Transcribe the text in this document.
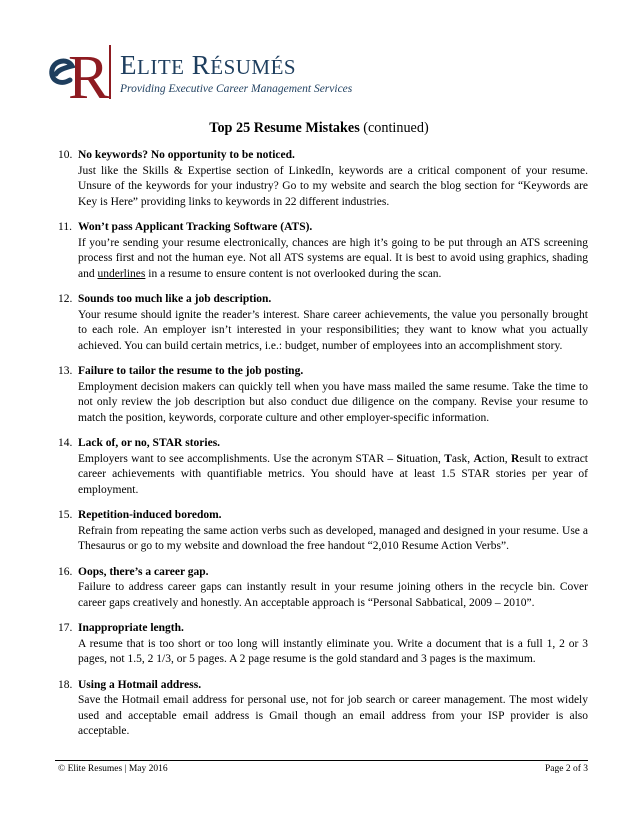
R ELITE RÉSUMÉS
Providing Executive Career Management Services
Top 25 Resume Mistakes (continued)
10. No keywords? No opportunity to be noticed.
Just like the Skills & Expertise section of LinkedIn, keywords are a critical component of your resume. Unsure of the keywords for your industry? Go to my website and search the blog section for “Keywords are Key is Here” providing links to keywords in 22 different industries.
11. Won’t pass Applicant Tracking Software (ATS).
If you’re sending your resume electronically, chances are high it’s going to be put through an ATS screening process first and not the human eye. Not all ATS systems are equal. It is best to avoid using graphics, shading and underlines in a resume to ensure content is not overlooked during the scan.
12. Sounds too much like a job description.
Your resume should ignite the reader’s interest. Share career achievements, the value you personally brought to each role. An employer isn’t interested in your responsibilities; they want to know what you actually achieved. You can build certain metrics, i.e.: budget, number of employees into an accomplishment story.
13. Failure to tailor the resume to the job posting.
Employment decision makers can quickly tell when you have mass mailed the same resume. Take the time to not only review the job description but also conduct due diligence on the company. Revise your resume to match the position, keywords, corporate culture and other employer-specific information.
14. Lack of, or no, STAR stories.
Employers want to see accomplishments. Use the acronym STAR – Situation, Task, Action, Result to extract career achievements with quantifiable metrics. You should have at least 1.5 STAR stories per year of employment.
15. Repetition-induced boredom.
Refrain from repeating the same action verbs such as developed, managed and designed in your resume. Use a Thesaurus or go to my website and download the free handout “2,010 Resume Action Verbs”.
16. Oops, there’s a career gap.
Failure to address career gaps can instantly result in your resume joining others in the recycle bin. Cover career gaps creatively and honestly. An acceptable approach is “Personal Sabbatical, 2009 – 2010”.
17. Inappropriate length.
A resume that is too short or too long will instantly eliminate you. Write a document that is a full 1, 2 or 3 pages, not 1.5, 2 1/3, or 5 pages. A 2 page resume is the gold standard and 3 pages is the maximum.
18. Using a Hotmail address.
Save the Hotmail email address for personal use, not for job search or career management. The most widely used and acceptable email address is Gmail though an email address from your ISP provider is also acceptable.
© Elite Resumes | May 2016	Page 2 of 3
